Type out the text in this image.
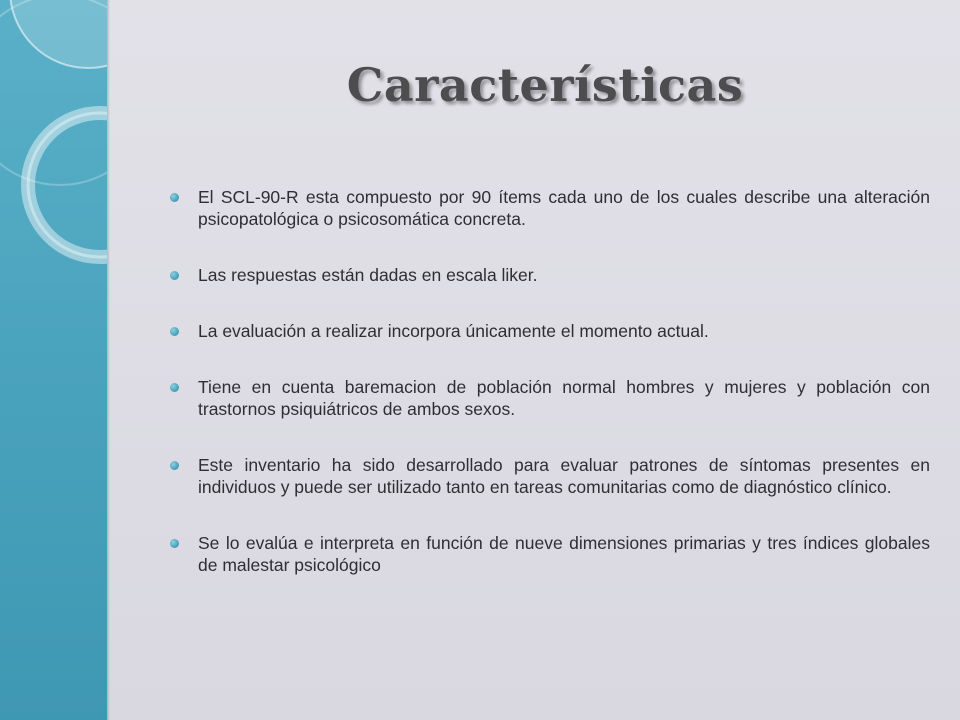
Características
El SCL-90-R esta compuesto por 90 ítems cada uno de los cuales describe una alteración psicopatológica o psicosomática concreta.
Las respuestas están dadas en escala liker.
La evaluación a realizar incorpora únicamente el momento actual.
Tiene en cuenta baremacion de población normal hombres y mujeres y población con trastornos psiquiátricos de ambos sexos.
Este inventario ha sido desarrollado para evaluar patrones de síntomas presentes en individuos y puede ser utilizado tanto en tareas comunitarias como de diagnóstico clínico.
Se lo evalúa e interpreta en función de nueve dimensiones primarias y tres índices globales de malestar psicológico
